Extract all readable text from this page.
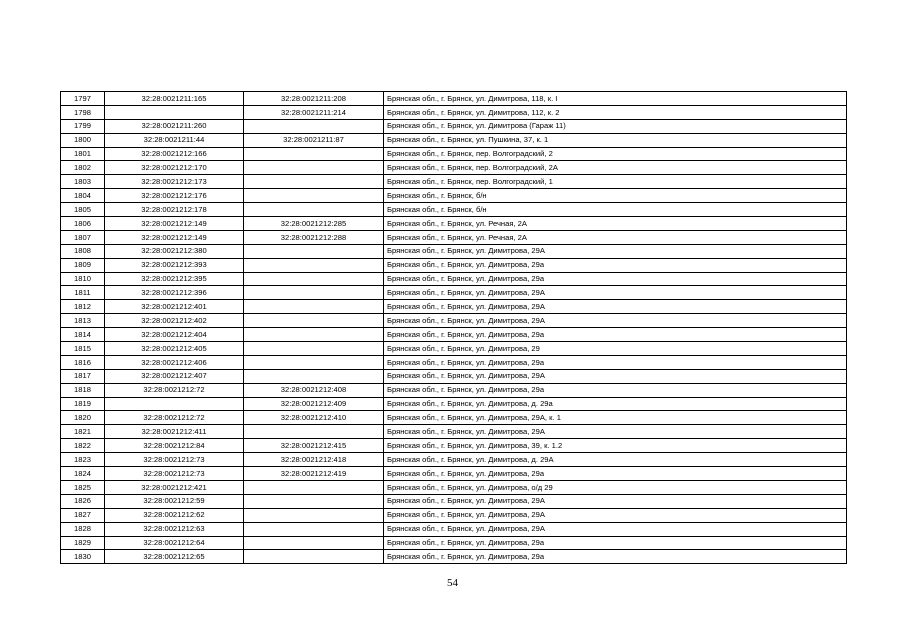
1797	32:28:0021211:165	32:28:0021211:208	Брянская обл., г. Брянск, ул. Димитрова, 118, к. I
1798		32:28:0021211:214	Брянская обл., г. Брянск, ул. Димитрова, 112, к. 2
1799	32:28:0021211:260		Брянская обл., г. Брянск, ул. Димитрова (Гараж 11)
1800	32:28:0021211:44	32:28:0021211:87	Брянская обл., г. Брянск, ул. Пушкина, 37, к. 1
1801	32:28:0021212:166		Брянская обл., г. Брянск, пер. Волгоградский, 2
1802	32:28:0021212:170		Брянская обл., г. Брянск, пер. Волгоградский, 2А
1803	32:28:0021212:173		Брянская обл., г. Брянск, пер. Волгоградский, 1
1804	32:28:0021212:176		Брянская обл., г. Брянск, б/н
1805	32:28:0021212:178		Брянская обл., г. Брянск, б/н
1806	32:28:0021212:149	32:28:0021212:285	Брянская обл., г. Брянск, ул. Речная, 2А
1807	32:28:0021212:149	32:28:0021212:288	Брянская обл., г. Брянск, ул. Речная, 2А
1808	32:28:0021212:380		Брянская обл., г. Брянск, ул. Димитрова, 29А
1809	32:28:0021212:393		Брянская обл., г. Брянск, ул. Димитрова, 29а
1810	32:28:0021212:395		Брянская обл., г. Брянск, ул. Димитрова, 29а
1811	32:28:0021212:396		Брянская обл., г. Брянск, ул. Димитрова, 29А
1812	32:28:0021212:401		Брянская обл., г. Брянск, ул. Димитрова, 29А
1813	32:28:0021212:402		Брянская обл., г. Брянск, ул. Димитрова, 29А
1814	32:28:0021212:404		Брянская обл., г. Брянск, ул. Димитрова, 29а
1815	32:28:0021212:405		Брянская обл., г. Брянск, ул. Димитрова, 29
1816	32:28:0021212:406		Брянская обл., г. Брянск, ул. Димитрова, 29а
1817	32:28:0021212:407		Брянская обл., г. Брянск, ул. Димитрова, 29А
1818	32:28:0021212:72	32:28:0021212:408	Брянская обл., г. Брянск, ул. Димитрова, 29а
1819		32:28:0021212:409	Брянская обл., г. Брянск, ул. Димитрова, д. 29а
1820	32:28:0021212:72	32:28:0021212:410	Брянская обл., г. Брянск, ул. Димитрова, 29А, к. 1
1821	32:28:0021212:411		Брянская обл., г. Брянск, ул. Димитрова, 29А
1822	32:28:0021212:84	32:28:0021212:415	Брянская обл., г. Брянск, ул. Димитрова, 39, к. 1.2
1823	32:28:0021212:73	32:28:0021212:418	Брянская обл., г. Брянск, ул. Димитрова, д. 29А
1824	32:28:0021212:73	32:28:0021212:419	Брянская обл., г. Брянск, ул. Димитрова, 29а
1825	32:28:0021212:421		Брянская обл., г. Брянск, ул. Димитрова, о/д 29
1826	32:28:0021212:59		Брянская обл., г. Брянск, ул. Димитрова, 29А
1827	32:28:0021212:62		Брянская обл., г. Брянск, ул. Димитрова, 29А
1828	32:28:0021212:63		Брянская обл., г. Брянск, ул. Димитрова, 29А
1829	32:28:0021212:64		Брянская обл., г. Брянск, ул. Димитрова, 29а
1830	32:28:0021212:65		Брянская обл., г. Брянск, ул. Димитрова, 29а
54
